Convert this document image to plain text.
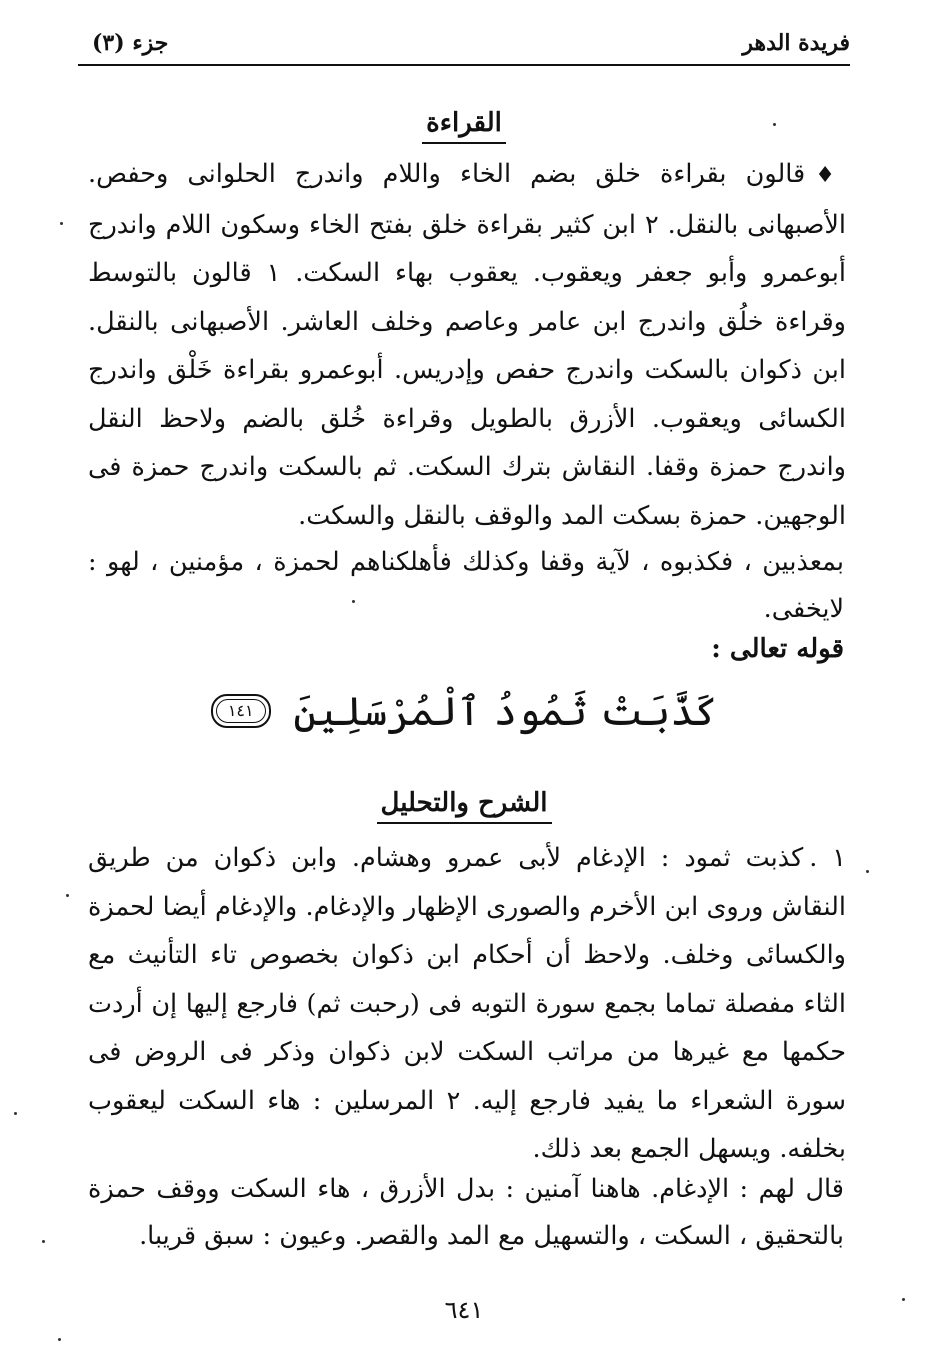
فريدة الدهر
جزء (٣)
القراءة
♦قالون بقراءة خلق بضم الخاء واللام واندرج الحلوانى وحفص. الأصبهانى بالنقل. ٢ ابن كثير بقراءة خلق بفتح الخاء وسكون اللام واندرج أبوعمرو وأبو جعفر ويعقوب. يعقوب بهاء السكت. ١ قالون بالتوسط وقراءة خلُق واندرج ابن عامر وعاصم وخلف العاشر. الأصبهانى بالنقل. ابن ذكوان بالسكت واندرج حفص وإدريس. أبوعمرو بقراءة خَلْق واندرج الكسائى ويعقوب. الأزرق بالطويل وقراءة خُلق بالضم ولاحظ النقل واندرج حمزة وقفا. النقاش بترك السكت. ثم بالسكت واندرج حمزة فى الوجهين. حمزة بسكت المد والوقف بالنقل والسكت.
بمعذبين ، فكذبوه ، لآية وقفا وكذلك فأهلكناهم لحمزة ، مؤمنين ، لهو : لايخفى.
قوله تعالى :
كَذَّبَتْ ثَمُودُ ٱلْمُرْسَلِينَ ١٤١
الشرح والتحليل
١ .كذبت ثمود : الإدغام لأبى عمرو وهشام. وابن ذكوان من طريق النقاش وروى ابن الأخرم والصورى الإظهار والإدغام. والإدغام أيضا لحمزة والكسائى وخلف. ولاحظ أن أحكام ابن ذكوان بخصوص تاء التأنيث مع الثاء مفصلة تماما بجمع سورة التوبه فى (رحبت ثم) فارجع إليها إن أردت حكمها مع غيرها من مراتب السكت لابن ذكوان وذكر فى الروض فى سورة الشعراء ما يفيد فارجع إليه. ٢ المرسلين : هاء السكت ليعقوب بخلفه. ويسهل الجمع بعد ذلك.
قال لهم : الإدغام. هاهنا آمنين : بدل الأزرق ، هاء السكت ووقف حمزة بالتحقيق ، السكت ، والتسهيل مع المد والقصر. وعيون : سبق قريبا.
٦٤١
